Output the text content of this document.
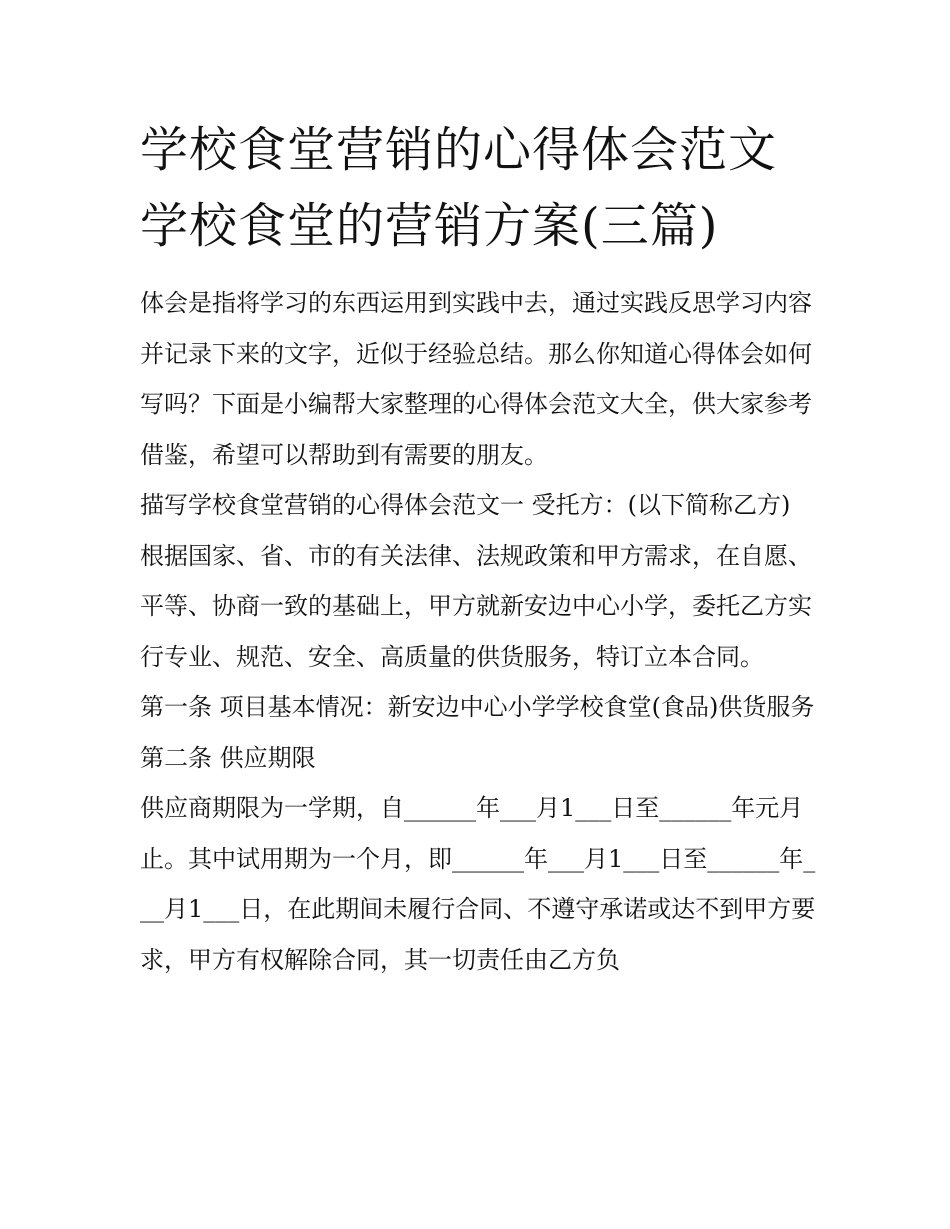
学校食堂营销的心得体会范文
学校食堂的营销方案(三篇)

体会是指将学习的东西运用到实践中去，通过实践反思学习内容并记录下来的文字，近似于经验总结。那么你知道心得体会如何写吗？下面是小编帮大家整理的心得体会范文大全，供大家参考借鉴，希望可以帮助到有需要的朋友。

描写学校食堂营销的心得体会范文一 受托方：(以下简称乙方)

根据国家、省、市的有关法律、法规政策和甲方需求，在自愿、平等、协商一致的基础上，甲方就新安边中心小学，委托乙方实行专业、规范、安全、高质量的供货服务，特订立本合同。

第一条 项目基本情况：新安边中心小学学校食堂(食品)供货服务 第二条 供应期限

供应商期限为一学期，自______年___月1___日至______年元月止。其中试用期为一个月，即______年___月1___日至______年___月1___日，在此期间未履行合同、不遵守承诺或达不到甲方要求，甲方有权解除合同，其一切责任由乙方负
